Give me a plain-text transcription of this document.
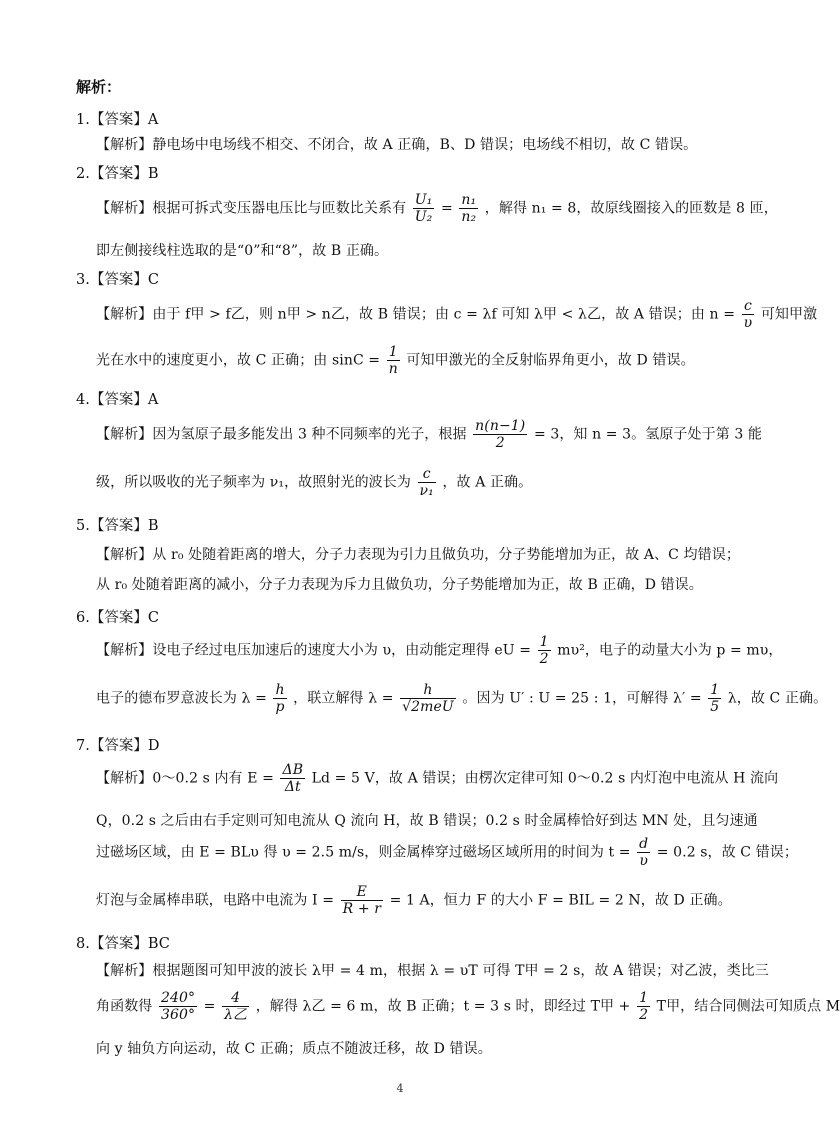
解析：
1.【答案】A
【解析】静电场中电场线不相交、不闭合，故 A 正确，B、D 错误；电场线不相切，故 C 错误。
2.【答案】B
【解析】根据可拆式变压器电压比与匝数比关系有 $\frac{\text{U₁}}{\text{U₂}} = \frac{\text{n₁}}{\text{n₂}}$ ，解得 n₁ = 8，故原线圈接入的匝数是 8 匝，
即左侧接线柱选取的是“0”和“8”，故 B 正确。
3.【答案】C
【解析】由于 f甲 > f乙，则 n甲 > n乙，故 B 错误；由 c = λf 可知 λ甲 < λ乙，故 A 错误；由 $n = \frac{c}{\upsilon}$ 可知甲激
光在水中的速度更小，故 C 正确；由 $\sin C = \frac{1}{n}$ 可知甲激光的全反射临界角更小，故 D 错误。
4.【答案】A
【解析】因为氢原子最多能发出 3 种不同频率的光子，根据 $\frac{n(n-1)}{2} = 3$，知 n = 3。氢原子处于第 3 能
级，所以吸收的光子频率为 ν₁，故照射光的波长为 $\frac{c}{\text{ν₁}}$ ，故 A 正确。
5.【答案】B
【解析】从 r₀ 处随着距离的增大，分子力表现为引力且做负功，分子势能增加为正，故 A、C 均错误；
从 r₀ 处随着距离的减小，分子力表现为斥力且做负功，分子势能增加为正，故 B 正确，D 错误。
6.【答案】C
【解析】设电子经过电压加速后的速度大小为 υ，由动能定理得 eU = $\frac{1}{2} m\upsilon^2$，电子的动量大小为 p = mυ，
电子的德布罗意波长为 $\lambda = \frac{h}{p}$ ，联立解得 $\lambda = \frac{h}{\text{√2meU}}$ 。因为 U′ : U = 25 : 1，可解得 $\lambda' = \frac{1}{5}$ λ，故 C 正确。
7.【答案】D
【解析】0～0.2 s 内有 $E = \frac{\Delta B}{\Delta t}$ Ld = 5 V，故 A 错误；由楞次定律可知 0～0.2 s 内灯泡中电流从 H 流向
Q，0.2 s 之后由右手定则可知电流从 Q 流向 H，故 B 错误；0.2 s 时金属棒恰好到达 MN 处，且匀速通
过磁场区域，由 E = BLυ 得 υ = 2.5 m/s，则金属棒穿过磁场区域所用的时间为 $t = \frac{d}{\upsilon} = 0.2$ s，故 C 错误；
灯泡与金属棒串联，电路中电流为 $I = \frac{E}{R + r} = 1$ A，恒力 F 的大小 F = BIL = 2 N，故 D 正确。
8.【答案】BC
【解析】根据题图可知甲波的波长 λ甲 = 4 m，根据 λ = υT 可得 T甲 = 2 s，故 A 错误；对乙波，类比三
角函数得 $\frac{240^\circ}{360^\circ} = \frac{4}{\text{λ乙}}$ ，解得 λ乙 = 6 m，故 B 正确；t = 3 s 时，即经过 T甲 + $\frac{1}{2}$ T甲，结合同侧法可知质点 M
向 y 轴负方向运动，故 C 正确；质点不随波迁移，故 D 错误。
4
